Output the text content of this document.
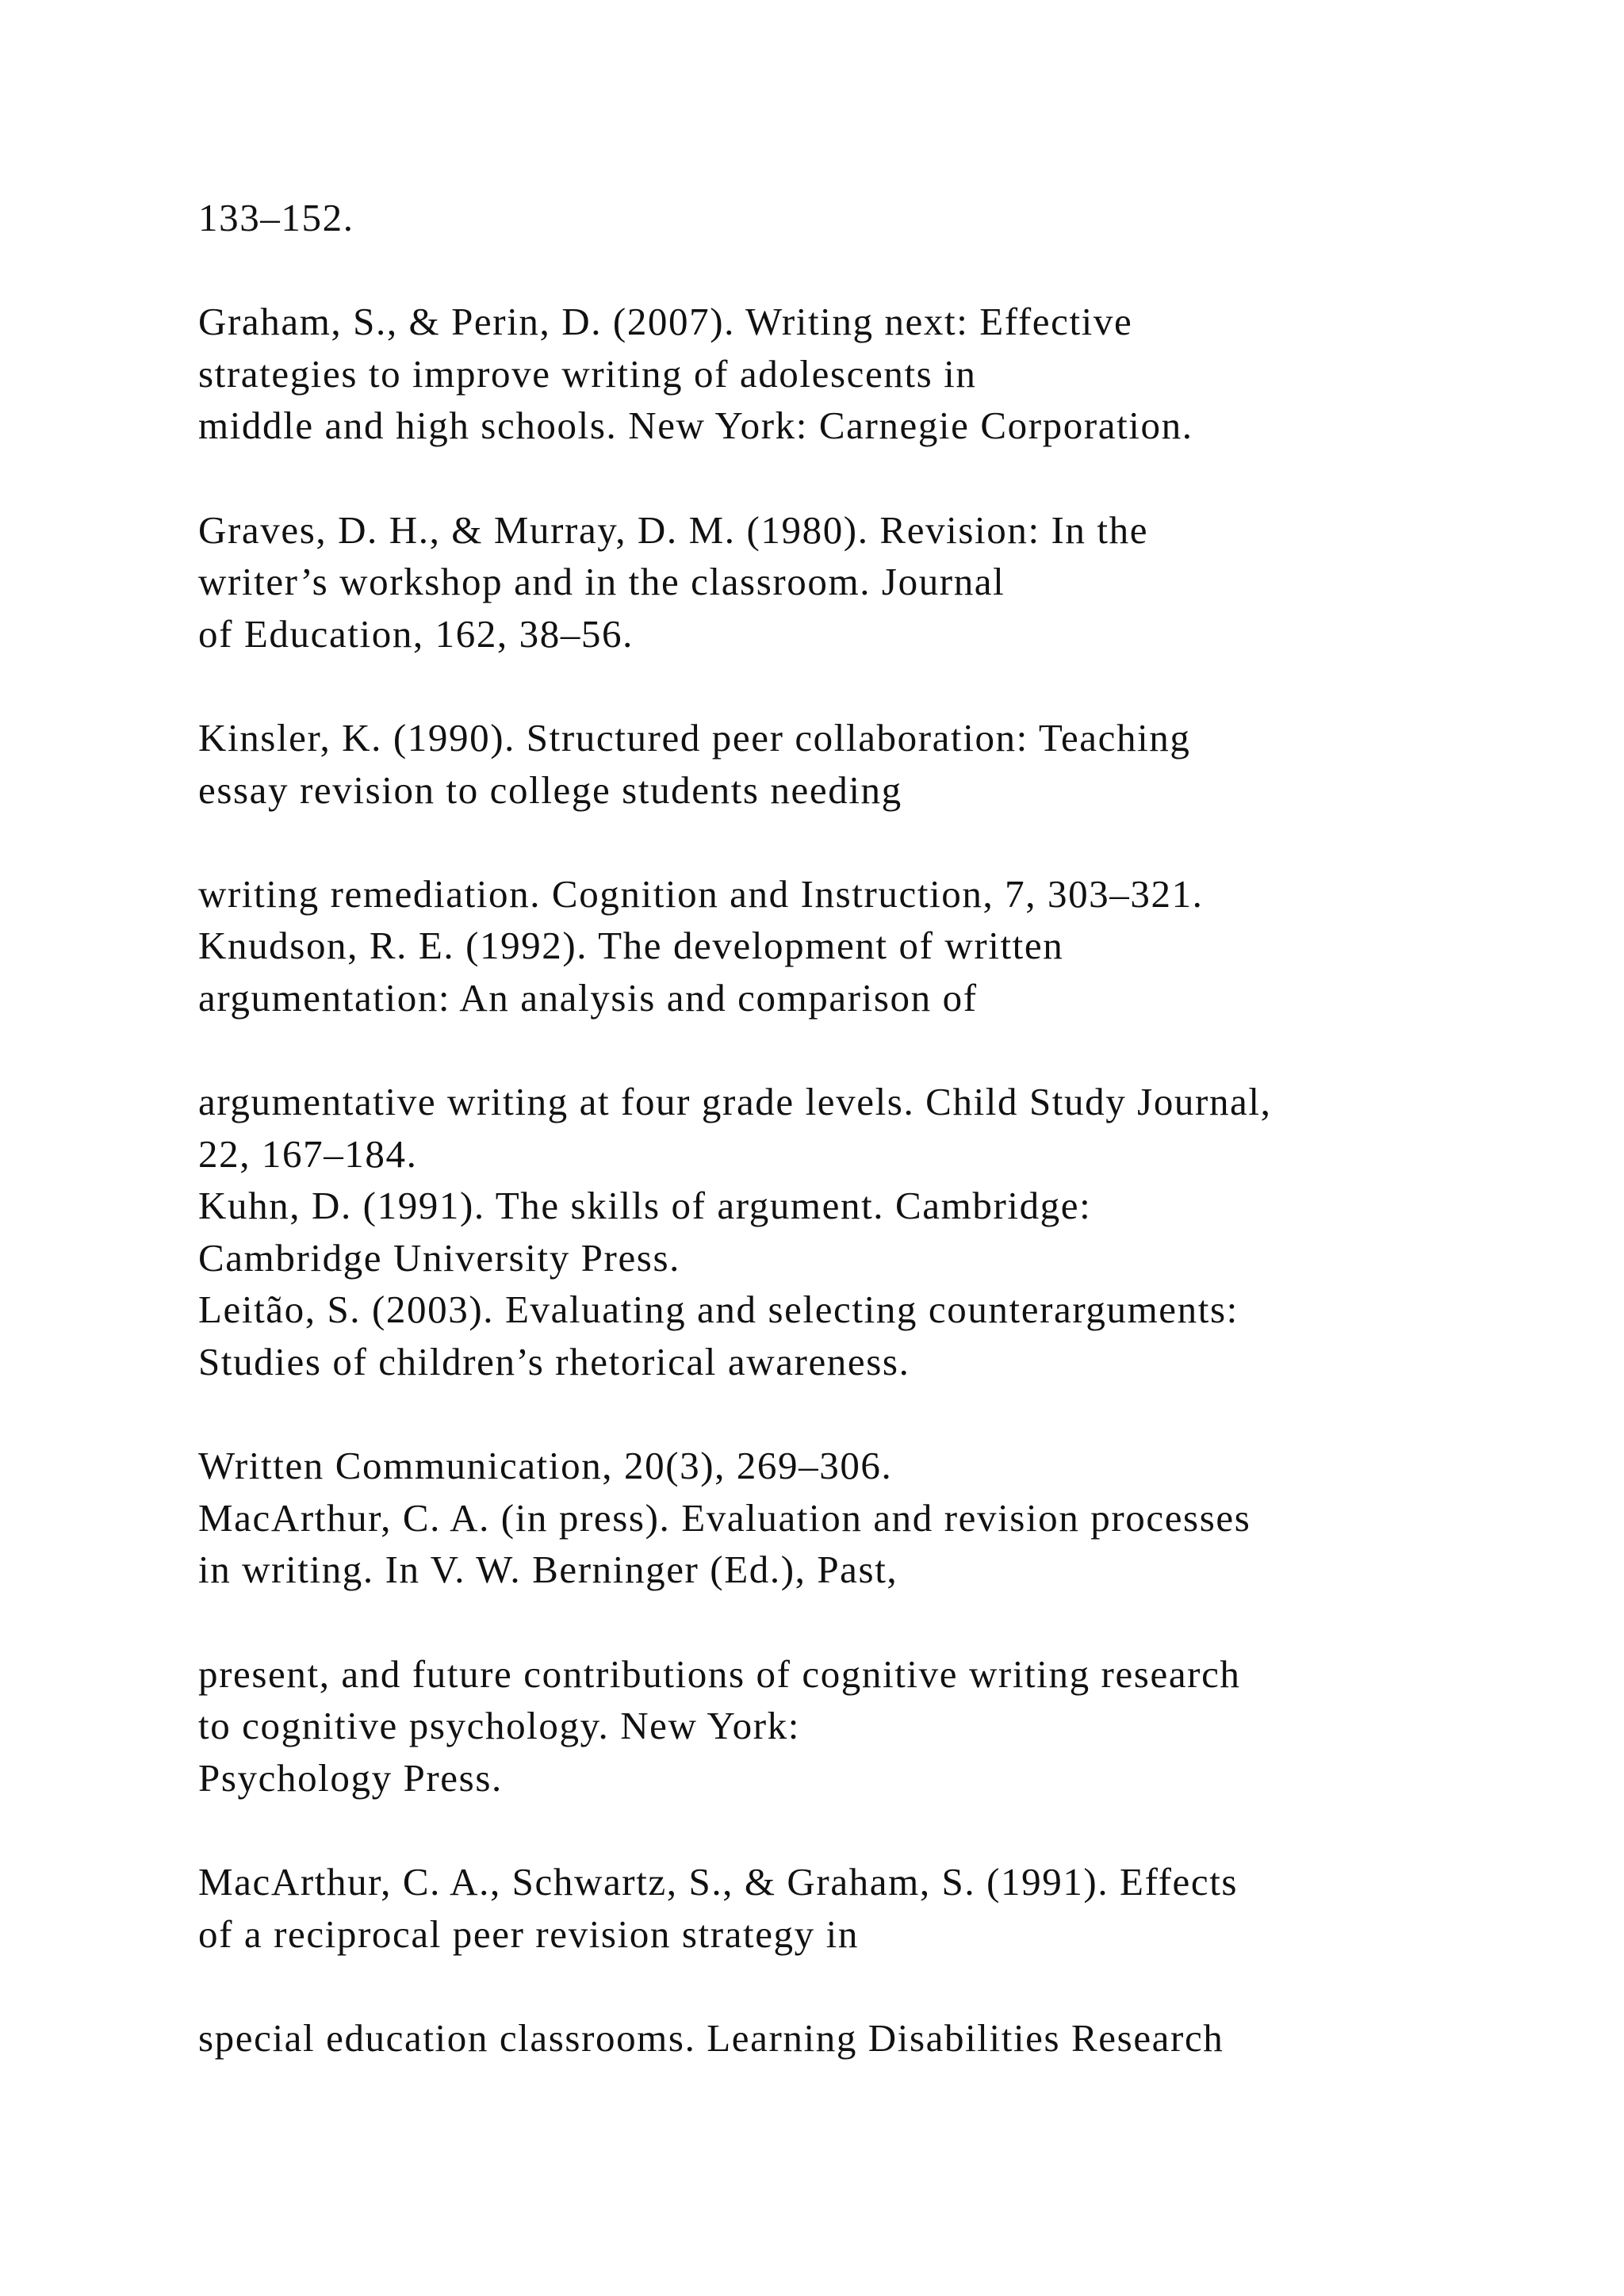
133–152.
Graham, S., & Perin, D. (2007). Writing next: Effective
strategies to improve writing of adolescents in
middle and high schools. New York: Carnegie Corporation.
Graves, D. H., & Murray, D. M. (1980). Revision: In the
writer’s workshop and in the classroom. Journal
of Education, 162, 38–56.
Kinsler, K. (1990). Structured peer collaboration: Teaching
essay revision to college students needing
writing remediation. Cognition and Instruction, 7, 303–321.
Knudson, R. E. (1992). The development of written
argumentation: An analysis and comparison of
argumentative writing at four grade levels. Child Study Journal,
22, 167–184.
Kuhn, D. (1991). The skills of argument. Cambridge:
Cambridge University Press.
Leitão, S. (2003). Evaluating and selecting counterarguments:
Studies of children’s rhetorical awareness.
Written Communication, 20(3), 269–306.
MacArthur, C. A. (in press). Evaluation and revision processes
in writing. In V. W. Berninger (Ed.), Past,
present, and future contributions of cognitive writing research
to cognitive psychology. New York:
Psychology Press.
MacArthur, C. A., Schwartz, S., & Graham, S. (1991). Effects
of a reciprocal peer revision strategy in
special education classrooms. Learning Disabilities Research
